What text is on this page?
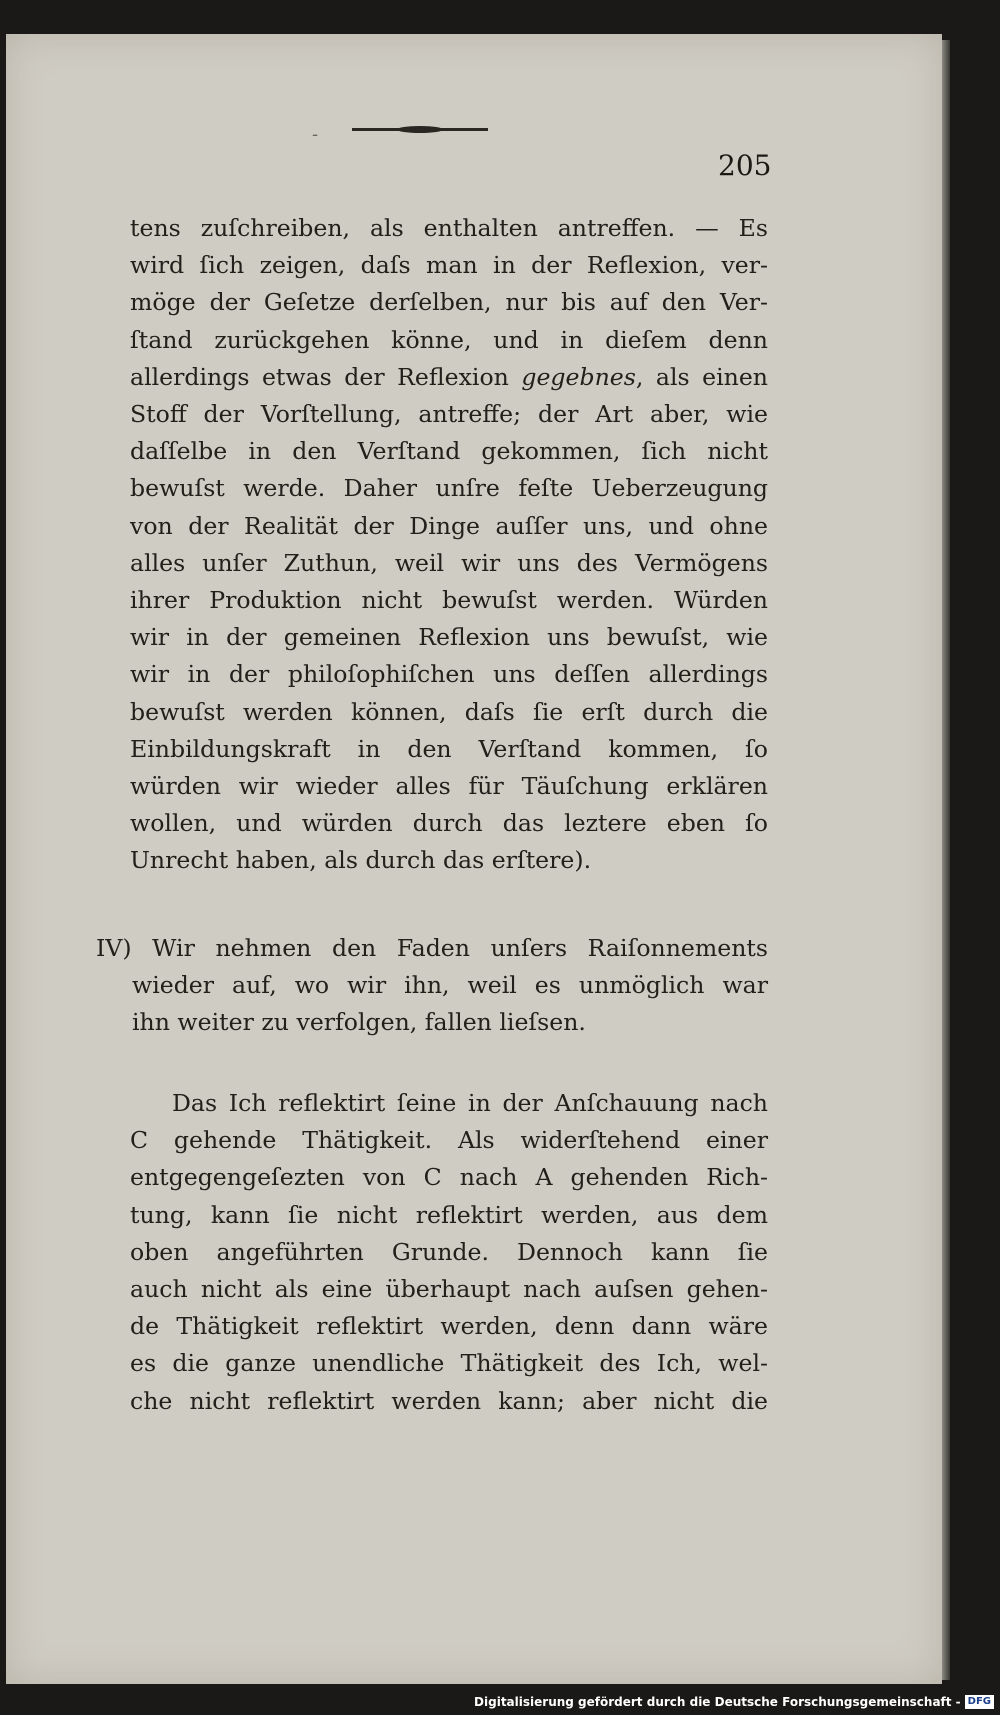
-
205
tens zuſchreiben, als enthalten antreffen. — Es
wird ſich zeigen, daſs man in der Reflexion, ver-
möge der Geſetze derſelben, nur bis auf den Ver-
ſtand zurückgehen könne, und in dieſem denn
allerdings etwas der Reflexion gegebnes, als einen
Stoff der Vorſtellung, antreffe; der Art aber, wie
daſſelbe in den Verſtand gekommen, ſich nicht
bewuſst werde. Daher unſre feſte Ueberzeugung
von der Realität der Dinge auſſer uns, und ohne
alles unſer Zuthun, weil wir uns des Vermögens
ihrer Produktion nicht bewuſst werden. Würden
wir in der gemeinen Reflexion uns bewuſst, wie
wir in der philoſophiſchen uns deſſen allerdings
bewuſst werden können, daſs ſie erſt durch die
Einbildungskraft in den Verſtand kommen, ſo
würden wir wieder alles für Täuſchung erklären
wollen, und würden durch das leztere eben ſo
Unrecht haben, als durch das erſtere).
IV) Wir nehmen den Faden unſers Raiſonnements
wieder auf, wo wir ihn, weil es unmöglich war
ihn weiter zu verfolgen, fallen lieſsen.
Das Ich reflektirt ſeine in der Anſchauung nach
C gehende Thätigkeit. Als widerſtehend einer
entgegengeſezten von C nach A gehenden Rich-
tung, kann ſie nicht reflektirt werden, aus dem
oben angeführten Grunde. Dennoch kann ſie
auch nicht als eine überhaupt nach auſsen gehen-
de Thätigkeit reflektirt werden, denn dann wäre
es die ganze unendliche Thätigkeit des Ich, wel-
che nicht reflektirt werden kann; aber nicht die
Digitalisierung gefördert durch die Deutsche Forschungsgemeinschaft - DFG
